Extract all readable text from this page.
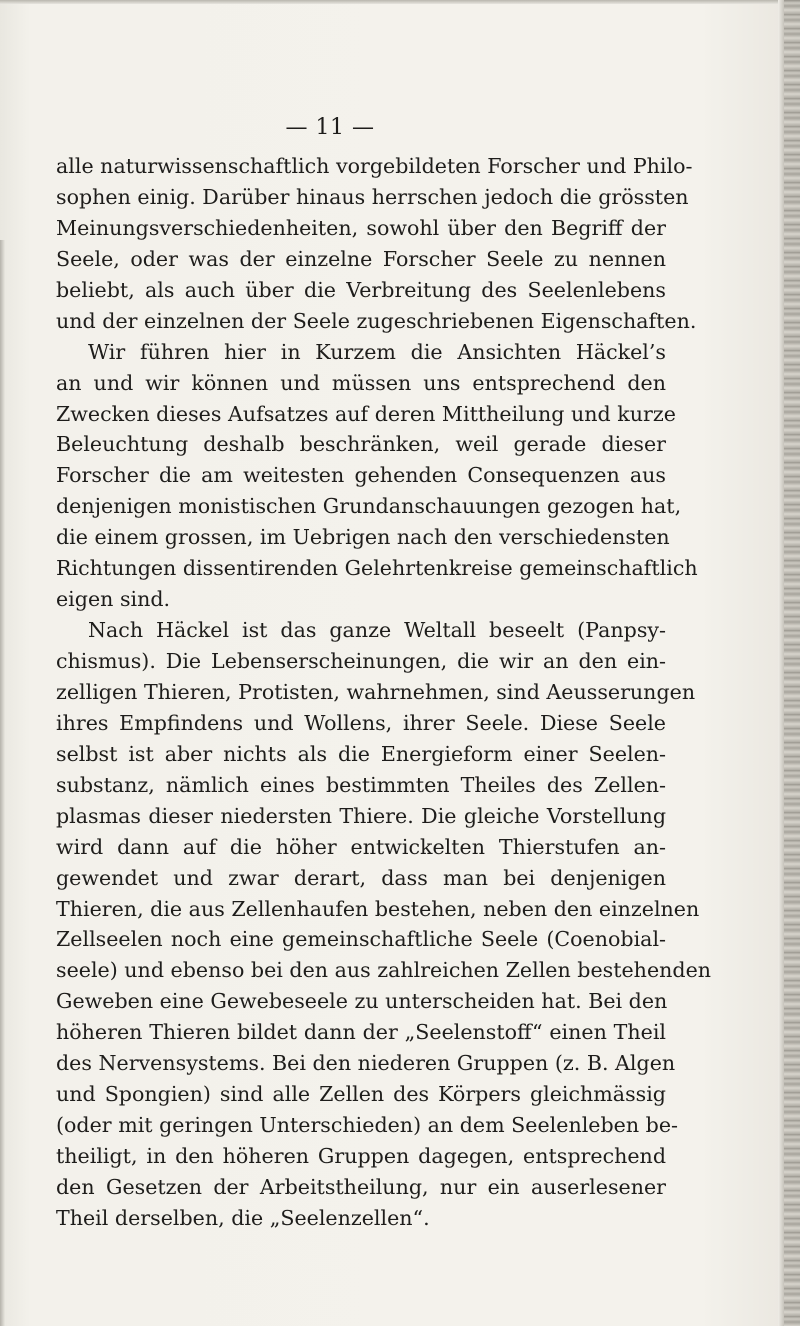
— 11 —
alle naturwissenschaftlich vorgebildeten Forscher und Philo-
sophen einig. Darüber hinaus herrschen jedoch die grössten
Meinungsverschiedenheiten, sowohl über den Begriff der
Seele, oder was der einzelne Forscher Seele zu nennen
beliebt, als auch über die Verbreitung des Seelenlebens
und der einzelnen der Seele zugeschriebenen Eigenschaften.
Wir führen hier in Kurzem die Ansichten Häckel’s
an und wir können und müssen uns entsprechend den
Zwecken dieses Aufsatzes auf deren Mittheilung und kurze
Beleuchtung deshalb beschränken, weil gerade dieser
Forscher die am weitesten gehenden Consequenzen aus
denjenigen monistischen Grundanschauungen gezogen hat,
die einem grossen, im Uebrigen nach den verschiedensten
Richtungen dissentirenden Gelehrtenkreise gemeinschaftlich
eigen sind.
Nach Häckel ist das ganze Weltall beseelt (Panpsy-
chismus). Die Lebenserscheinungen, die wir an den ein-
zelligen Thieren, Protisten, wahrnehmen, sind Aeusserungen
ihres Empfindens und Wollens, ihrer Seele. Diese Seele
selbst ist aber nichts als die Energieform einer Seelen-
substanz, nämlich eines bestimmten Theiles des Zellen-
plasmas dieser niedersten Thiere. Die gleiche Vorstellung
wird dann auf die höher entwickelten Thierstufen an-
gewendet und zwar derart, dass man bei denjenigen
Thieren, die aus Zellenhaufen bestehen, neben den einzelnen
Zellseelen noch eine gemeinschaftliche Seele (Coenobial-
seele) und ebenso bei den aus zahlreichen Zellen bestehenden
Geweben eine Gewebeseele zu unterscheiden hat. Bei den
höheren Thieren bildet dann der „Seelenstoff“ einen Theil
des Nervensystems. Bei den niederen Gruppen (z. B. Algen
und Spongien) sind alle Zellen des Körpers gleichmässig
(oder mit geringen Unterschieden) an dem Seelenleben be-
theiligt, in den höheren Gruppen dagegen, entsprechend
den Gesetzen der Arbeitstheilung, nur ein auserlesener
Theil derselben, die „Seelenzellen“.
